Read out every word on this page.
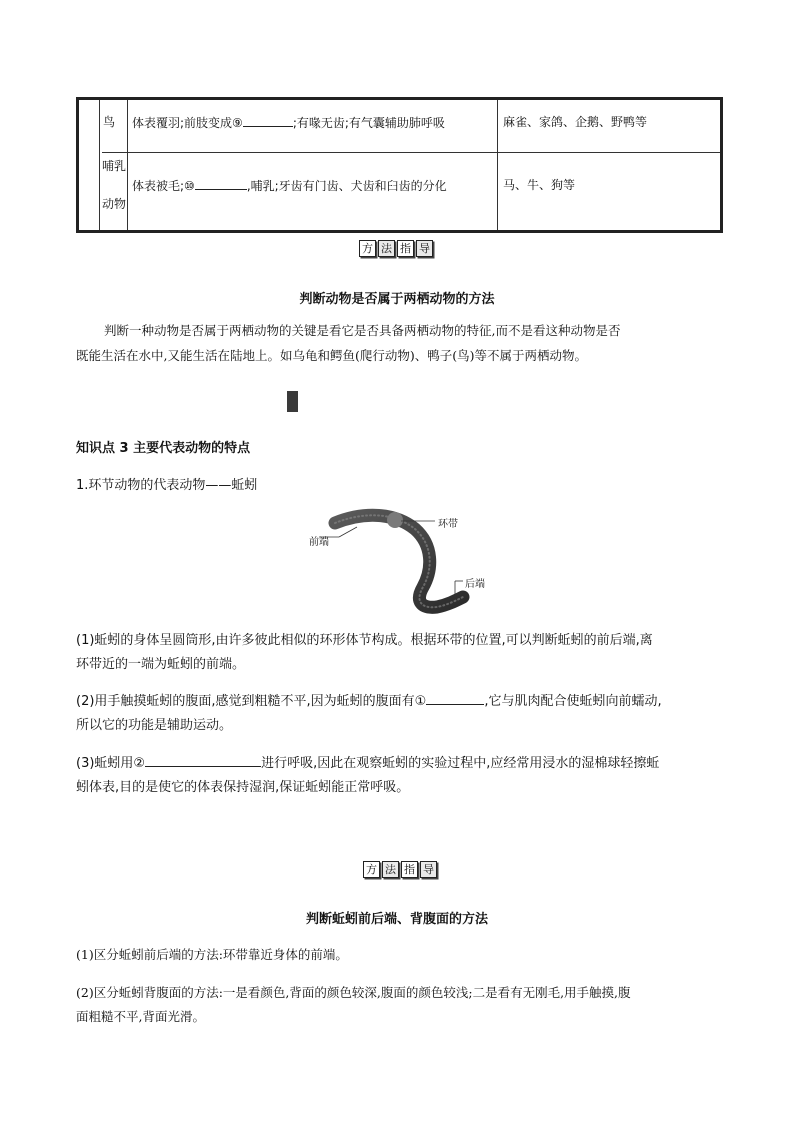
鸟 体表覆羽;前肢变成⑨	;有喙无齿;有气囊辅助肺呼吸	麻雀、家鸽、企鹅、野鸭等
哺乳
动物
体表被毛;⑩	,哺乳;牙齿有门齿、犬齿和臼齿的分化	马、牛、狗等
方 法 指 导
判断动物是否属于两栖动物的方法
判断一种动物是否属于两栖动物的关键是看它是否具备两栖动物的特征,而不是看这种动物是否
既能生活在水中,又能生活在陆地上。如乌龟和鳄鱼(爬行动物)、鸭子(鸟)等不属于两栖动物。
知识点 3 主要代表动物的特点
1.环节动物的代表动物——蚯蚓
前端
环带
后端
(1)蚯蚓的身体呈圆筒形,由许多彼此相似的环形体节构成。根据环带的位置,可以判断蚯蚓的前后端,离
环带近的一端为蚯蚓的前端。
(2)用手触摸蚯蚓的腹面,感觉到粗糙不平,因为蚯蚓的腹面有①	,它与肌肉配合使蚯蚓向前蠕动,
所以它的功能是辅助运动。
(3)蚯蚓用②	进行呼吸,因此在观察蚯蚓的实验过程中,应经常用浸水的湿棉球轻擦蚯
蚓体表,目的是使它的体表保持湿润,保证蚯蚓能正常呼吸。
方 法 指 导
判断蚯蚓前后端、背腹面的方法
(1)区分蚯蚓前后端的方法:环带靠近身体的前端。
(2)区分蚯蚓背腹面的方法:一是看颜色,背面的颜色较深,腹面的颜色较浅;二是看有无刚毛,用手触摸,腹
面粗糙不平,背面光滑。
